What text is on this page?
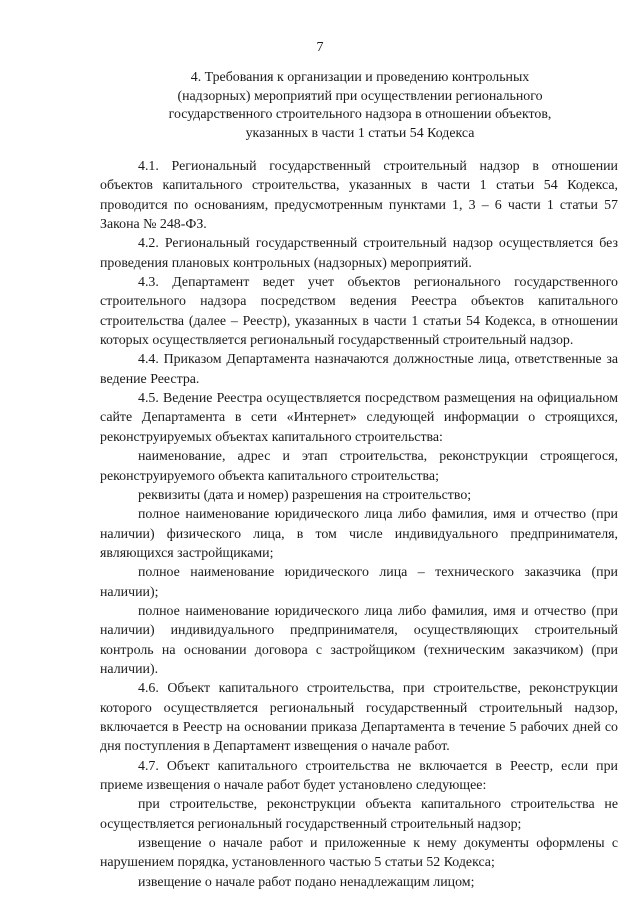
7
4. Требования к организации и проведению контрольных
(надзорных) мероприятий при осуществлении регионального
государственного строительного надзора в отношении объектов,
указанных в части 1 статьи 54 Кодекса

4.1. Региональный государственный строительный надзор в отношении объектов капитального строительства, указанных в части 1 статьи 54 Кодекса, проводится по основаниям, предусмотренным пунктами 1, 3 – 6 части 1 статьи 57 Закона № 248-ФЗ.

4.2. Региональный государственный строительный надзор осуществляется без проведения плановых контрольных (надзорных) мероприятий.

4.3. Департамент ведет учет объектов регионального государственного строительного надзора посредством ведения Реестра объектов капитального строительства (далее – Реестр), указанных в части 1 статьи 54 Кодекса, в отношении которых осуществляется региональный государственный строительный надзор.

4.4. Приказом Департамента назначаются должностные лица, ответственные за ведение Реестра.

4.5. Ведение Реестра осуществляется посредством размещения на официальном сайте Департамента в сети «Интернет» следующей информации о строящихся, реконструируемых объектах капитального строительства:

наименование, адрес и этап строительства, реконструкции строящегося, реконструируемого объекта капитального строительства;

реквизиты (дата и номер) разрешения на строительство;

полное наименование юридического лица либо фамилия, имя и отчество (при наличии) физического лица, в том числе индивидуального предпринимателя, являющихся застройщиками;

полное наименование юридического лица – технического заказчика (при наличии);

полное наименование юридического лица либо фамилия, имя и отчество (при наличии) индивидуального предпринимателя, осуществляющих строительный контроль на основании договора с застройщиком (техническим заказчиком) (при наличии).

4.6. Объект капитального строительства, при строительстве, реконструкции которого осуществляется региональный государственный строительный надзор, включается в Реестр на основании приказа Департамента в течение 5 рабочих дней со дня поступления в Департамент извещения о начале работ.

4.7. Объект капитального строительства не включается в Реестр, если при приеме извещения о начале работ будет установлено следующее:

при строительстве, реконструкции объекта капитального строительства не осуществляется региональный государственный строительный надзор;

извещение о начале работ и приложенные к нему документы оформлены с нарушением порядка, установленного частью 5 статьи 52 Кодекса;

извещение о начале работ подано ненадлежащим лицом;
